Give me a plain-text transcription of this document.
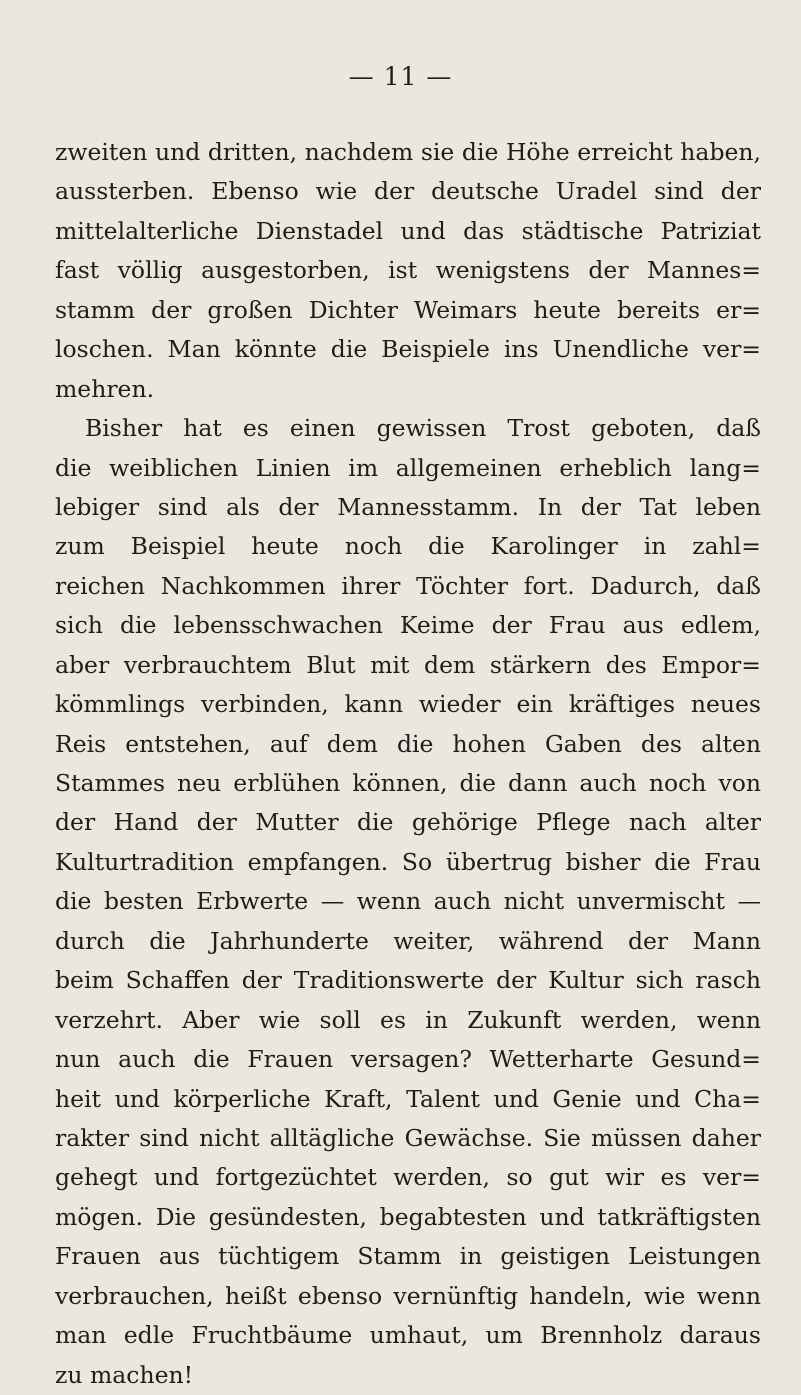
— 11 —
zweiten und dritten, nachdem sie die Höhe erreicht haben,
aussterben. Ebenso wie der deutsche Uradel sind der
mittelalterliche Dienstadel und das städtische Patriziat
fast völlig ausgestorben, ist wenigstens der Mannes=
stamm der großen Dichter Weimars heute bereits er=
loschen. Man könnte die Beispiele ins Unendliche ver=
mehren.
Bisher hat es einen gewissen Trost geboten, daß
die weiblichen Linien im allgemeinen erheblich lang=
lebiger sind als der Mannesstamm. In der Tat leben
zum Beispiel heute noch die Karolinger in zahl=
reichen Nachkommen ihrer Töchter fort. Dadurch, daß
sich die lebensschwachen Keime der Frau aus edlem,
aber verbrauchtem Blut mit dem stärkern des Empor=
kömmlings verbinden, kann wieder ein kräftiges neues
Reis entstehen, auf dem die hohen Gaben des alten
Stammes neu erblühen können, die dann auch noch von
der Hand der Mutter die gehörige Pflege nach alter
Kulturtradition empfangen. So übertrug bisher die Frau
die besten Erbwerte — wenn auch nicht unvermischt —
durch die Jahrhunderte weiter, während der Mann
beim Schaffen der Traditionswerte der Kultur sich rasch
verzehrt. Aber wie soll es in Zukunft werden, wenn
nun auch die Frauen versagen? Wetterharte Gesund=
heit und körperliche Kraft, Talent und Genie und Cha=
rakter sind nicht alltägliche Gewächse. Sie müssen daher
gehegt und fortgezüchtet werden, so gut wir es ver=
mögen. Die gesündesten, begabtesten und tatkräftigsten
Frauen aus tüchtigem Stamm in geistigen Leistungen
verbrauchen, heißt ebenso vernünftig handeln, wie wenn
man edle Fruchtbäume umhaut, um Brennholz daraus
zu machen!
